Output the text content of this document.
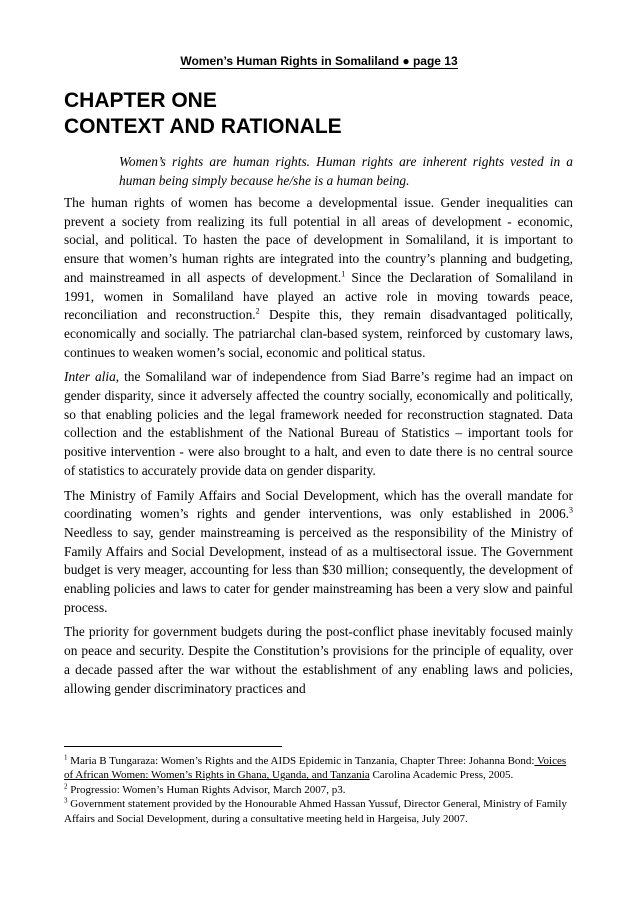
Women’s Human Rights in Somaliland ● page 13
CHAPTER ONE
CONTEXT AND RATIONALE
Women’s rights are human rights. Human rights are inherent rights vested in a human being simply because he/she is a human being.

The human rights of women has become a developmental issue. Gender inequalities can prevent a society from realizing its full potential in all areas of development - economic, social, and political. To hasten the pace of development in Somaliland, it is important to ensure that women’s human rights are integrated into the country’s planning and budgeting, and mainstreamed in all aspects of development.$^1$ Since the Declaration of Somaliland in 1991, women in Somaliland have played an active role in moving towards peace, reconciliation and reconstruction.$^2$ Despite this, they remain disadvantaged politically, economically and socially. The patriarchal clan-based system, reinforced by customary laws, continues to weaken women’s social, economic and political status.

Inter alia, the Somaliland war of independence from Siad Barre’s regime had an impact on gender disparity, since it adversely affected the country socially, economically and politically, so that enabling policies and the legal framework needed for reconstruction stagnated. Data collection and the establishment of the National Bureau of Statistics – important tools for positive intervention - were also brought to a halt, and even to date there is no central source of statistics to accurately provide data on gender disparity.

The Ministry of Family Affairs and Social Development, which has the overall mandate for coordinating women’s rights and gender interventions, was only established in 2006.$^3$ Needless to say, gender mainstreaming is perceived as the responsibility of the Ministry of Family Affairs and Social Development, instead of as a multisectoral issue. The Government budget is very meager, accounting for less than $30 million; consequently, the development of enabling policies and laws to cater for gender mainstreaming has been a very slow and painful process.

The priority for government budgets during the post-conflict phase inevitably focused mainly on peace and security. Despite the Constitution’s provisions for the principle of equality, over a decade passed after the war without the establishment of any enabling laws and policies, allowing gender discriminatory practices and

$^1$ Maria B Tungaraza: Women’s Rights and the AIDS Epidemic in Tanzania, Chapter Three: Johanna Bond: Voices of African Women: Women’s Rights in Ghana, Uganda, and Tanzania Carolina Academic Press, 2005.
$^2$ Progressio: Women’s Human Rights Advisor, March 2007, p3.
$^3$ Government statement provided by the Honourable Ahmed Hassan Yussuf, Director General, Ministry of Family Affairs and Social Development, during a consultative meeting held in Hargeisa, July 2007.
